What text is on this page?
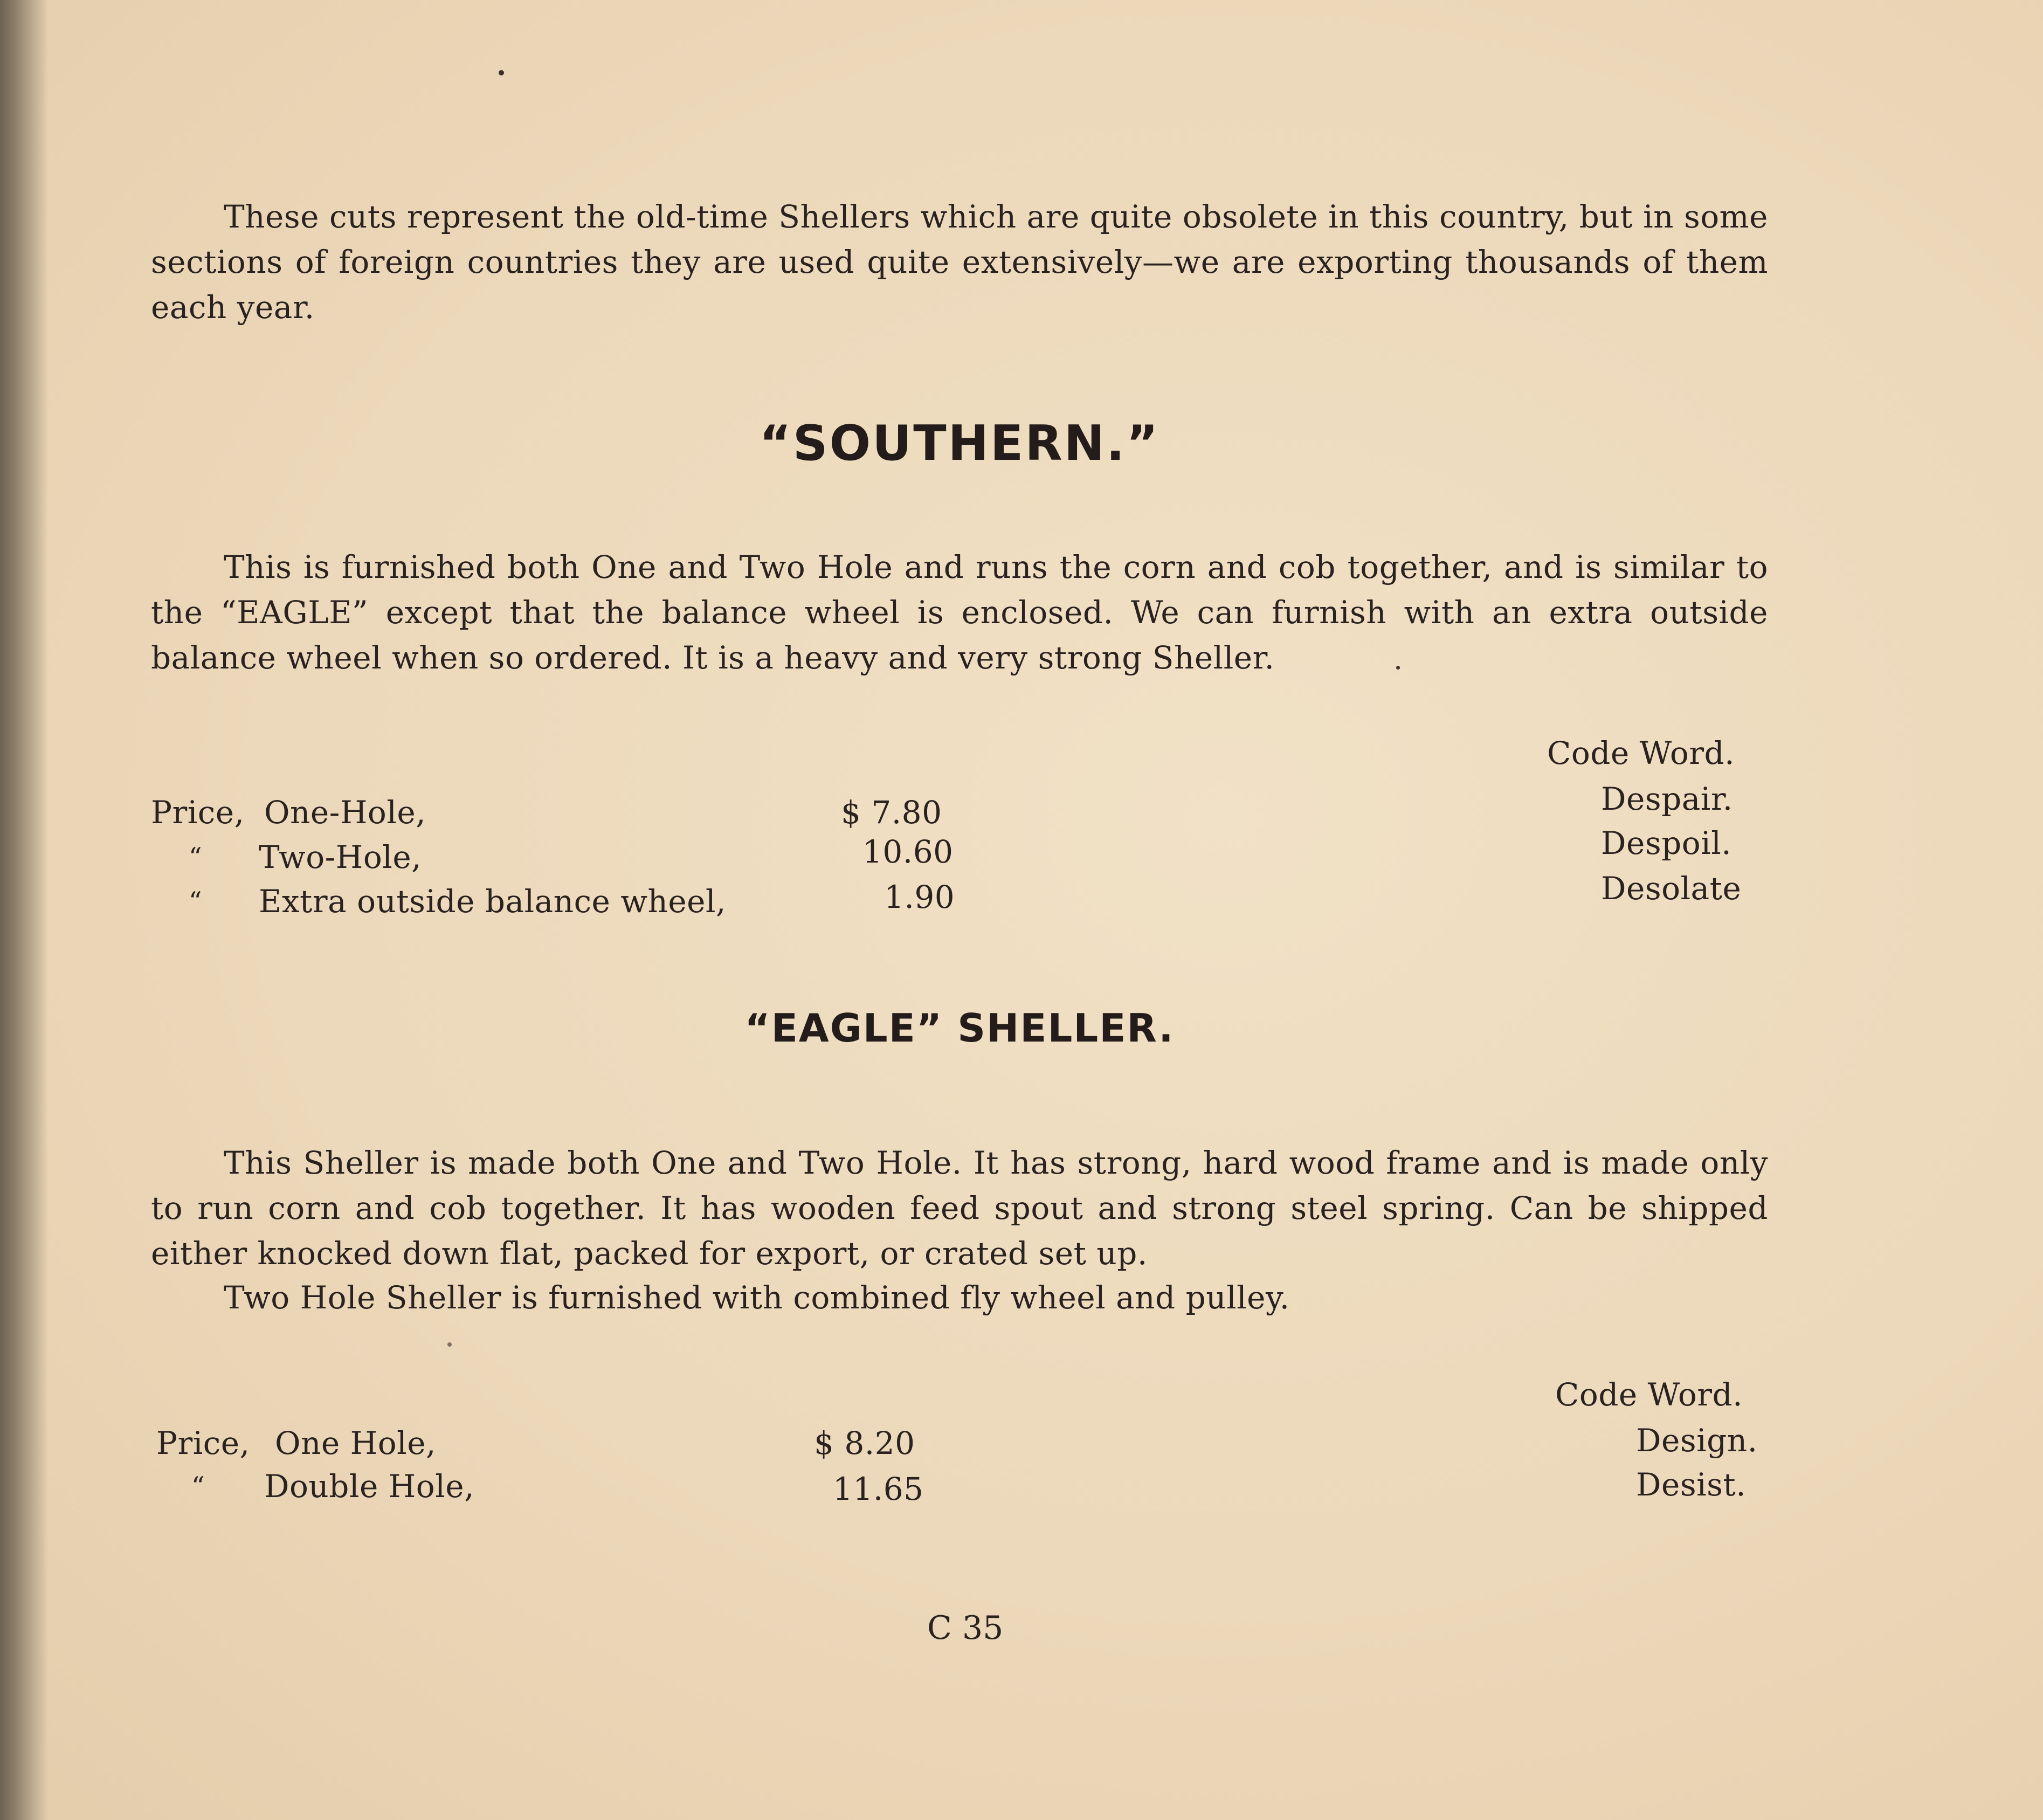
These cuts represent the old-time Shellers which are quite obsolete in this country, but in some sections of foreign countries they are used quite extensively—we are exporting thousands of them each year.

“SOUTHERN.”

This is furnished both One and Two Hole and runs the corn and cob together, and is similar to the “EAGLE” except that the balance wheel is enclosed. We can furnish with an extra outside balance wheel when so ordered. It is a heavy and very strong Sheller.

Code Word.
Price, One-Hole,	$ 7.80	Despair.
“ Two-Hole,	10.60	Despoil.
“ Extra outside balance wheel,	1.90	Desolate
“EAGLE” SHELLER.

This Sheller is made both One and Two Hole. It has strong, hard wood frame and is made only to run corn and cob together. It has wooden feed spout and strong steel spring. Can be shipped either knocked down flat, packed for export, or crated set up.

Two Hole Sheller is furnished with combined fly wheel and pulley.

Code Word.
Price, One Hole,	$ 8.20	Design.
“ Double Hole,	11.65	Desist.
C 35
